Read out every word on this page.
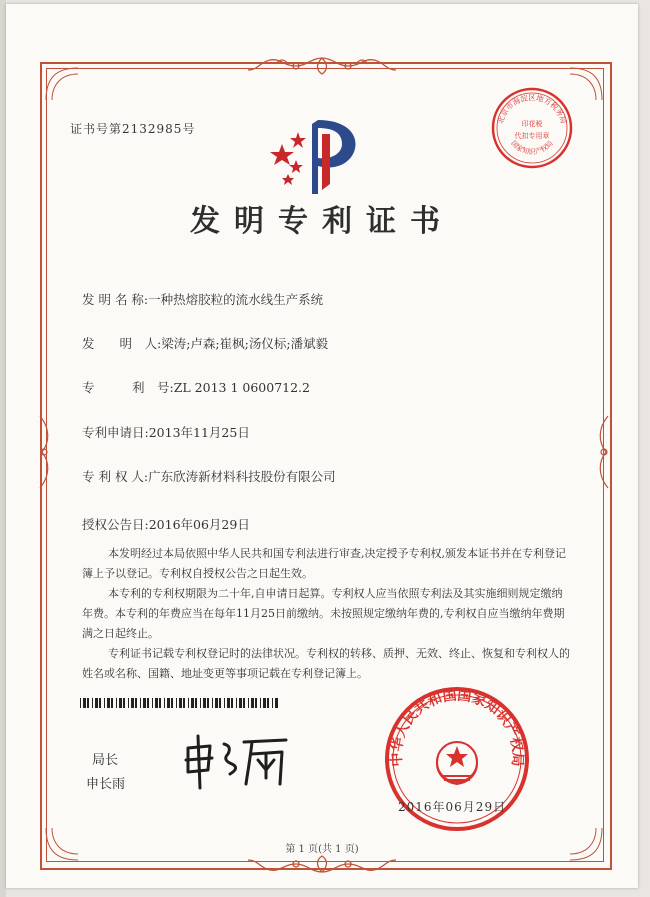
证书号第2132985号
北京市海淀区地方税务局
印花税
代扣专用章
国家知识产权局
发明专利证书
发 明 名 称:一种热熔胶粒的流水线生产系统
发　　明　人:梁涛;卢森;崔枫;汤仪标;潘斌毅
专　　　利　号:ZL 2013 1 0600712.2
专利申请日:2013年11月25日
专 利 权 人:广东欣涛新材料科技股份有限公司
授权公告日:2016年06月29日

本发明经过本局依照中华人民共和国专利法进行审查,决定授予专利权,颁发本证书并在专利登记簿上予以登记。专利权自授权公告之日起生效。

本专利的专利权期限为二十年,自申请日起算。专利权人应当依照专利法及其实施细则规定缴纳年费。本专利的年费应当在每年11月25日前缴纳。未按照规定缴纳年费的,专利权自应当缴纳年费期满之日起终止。

专利证书记载专利权登记时的法律状况。专利权的转移、质押、无效、终止、恢复和专利权人的姓名或名称、国籍、地址变更等事项记载在专利登记簿上。

局长
申长雨
中华人民共和国国家知识产权局
2016年06月29日
第 1 页(共 1 页)
